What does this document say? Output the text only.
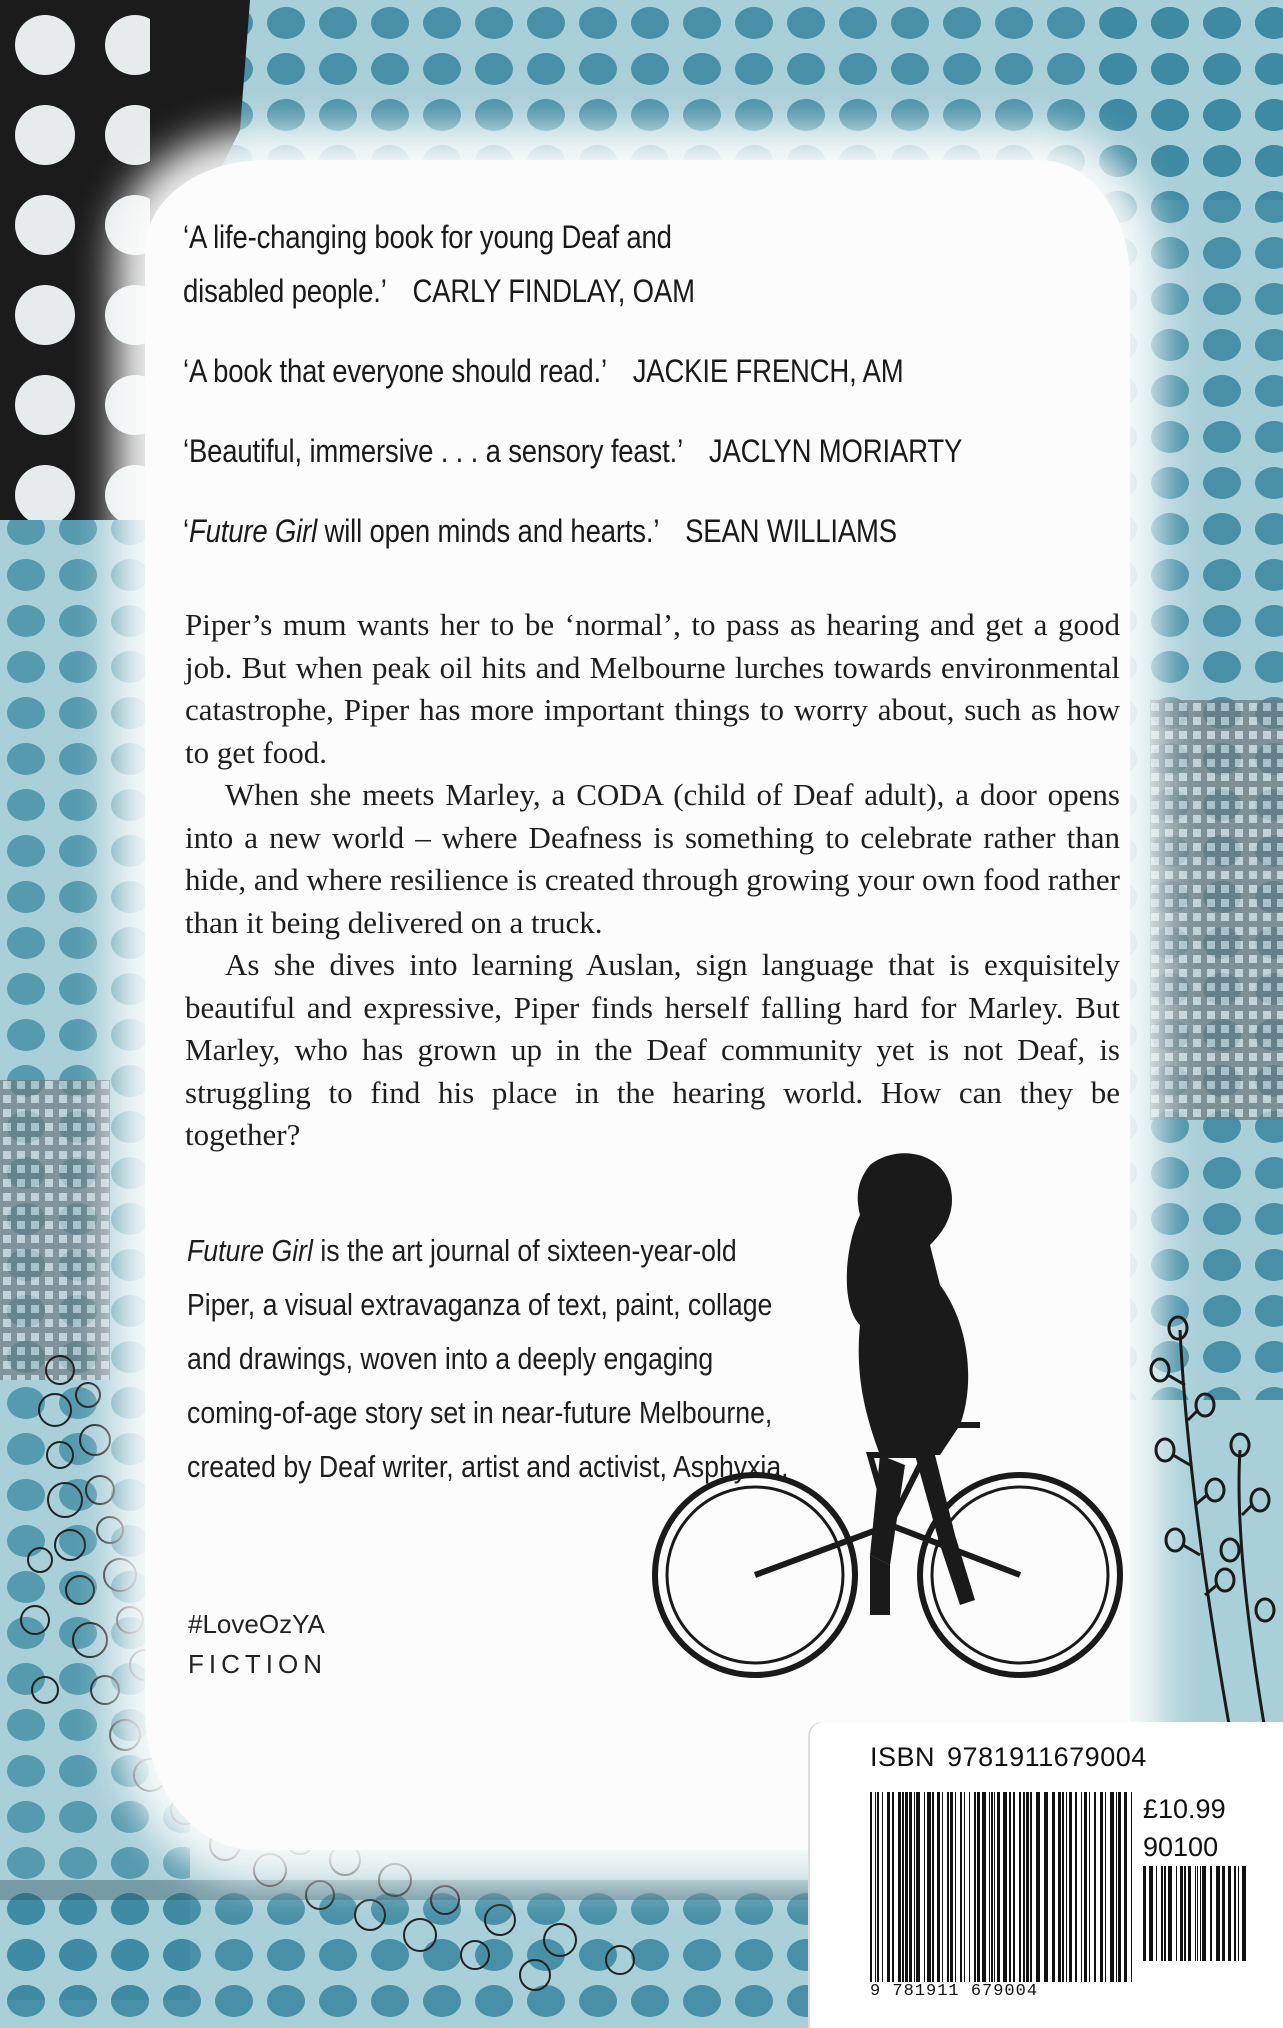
‘A life-changing book for young Deaf and
disabled people.’ CARLY FINDLAY, OAM
‘A book that everyone should read.’ JACKIE FRENCH, AM
‘Beautiful, immersive . . . a sensory feast.’ JACLYN MORIARTY
‘Future Girl will open minds and hearts.’ SEAN WILLIAMS

Piper’s mum wants her to be ‘normal’, to pass as hearing and get a good job. But when peak oil hits and Melbourne lurches towards environmental catastrophe, Piper has more important things to worry about, such as how to get food.

When she meets Marley, a CODA (child of Deaf adult), a door opens into a new world – where Deafness is something to celebrate rather than hide, and where resilience is created through growing your own food rather than it being delivered on a truck.

As she dives into learning Auslan, sign language that is exquisitely beautiful and expressive, Piper finds herself falling hard for Marley. But Marley, who has grown up in the Deaf community yet is not Deaf, is struggling to find his place in the hearing world. How can they be together?

Future Girl is the art journal of sixteen-year-old Piper, a visual extravaganza of text, paint, collage and drawings, woven into a deeply engaging coming-of-age story set in near-future Melbourne, created by Deaf writer, artist and activist, Asphyxia.

#LoveOzYA
FICTION
ISBN 9781911679004
£10.99
90100
9 781911 679004
